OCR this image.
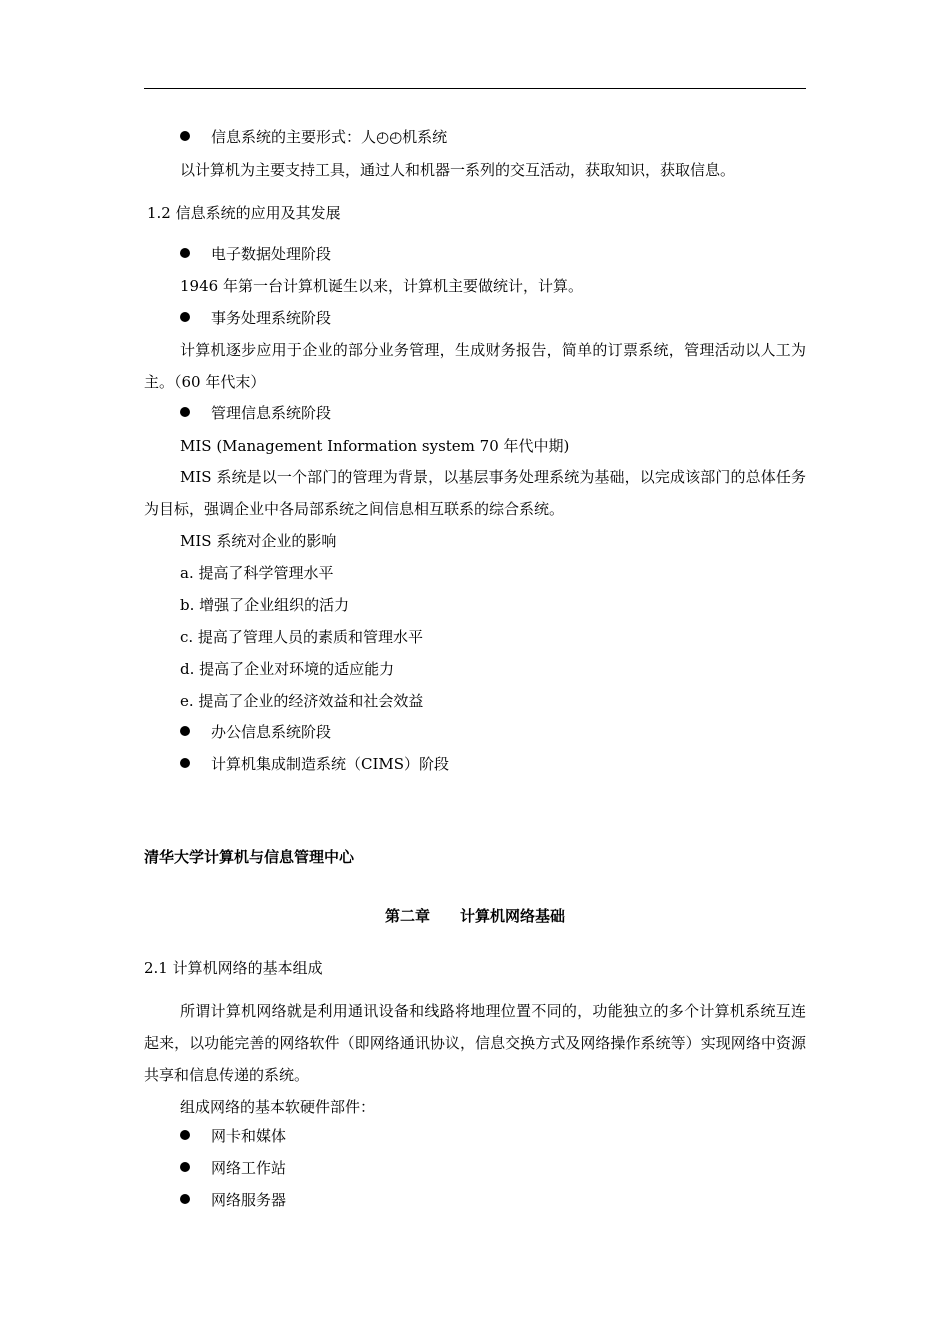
信息系统的主要形式：人◴◴机系统
以计算机为主要支持工具，通过人和机器一系列的交互活动，获取知识，获取信息。
1.2 信息系统的应用及其发展
电子数据处理阶段
1946 年第一台计算机诞生以来，计算机主要做统计，计算。
事务处理系统阶段
计算机逐步应用于企业的部分业务管理，生成财务报告，简单的订票系统，管理活动以人工为主。（60 年代末）
管理信息系统阶段
MIS (Management Information system 70 年代中期)
MIS 系统是以一个部门的管理为背景，以基层事务处理系统为基础，以完成该部门的总体任务为目标，强调企业中各局部系统之间信息相互联系的综合系统。
MIS 系统对企业的影响
a. 提高了科学管理水平
b. 增强了企业组织的活力
c. 提高了管理人员的素质和管理水平
d. 提高了企业对环境的适应能力
e. 提高了企业的经济效益和社会效益
办公信息系统阶段
计算机集成制造系统（CIMS）阶段
清华大学计算机与信息管理中心
第二章　　计算机网络基础
2.1 计算机网络的基本组成
所谓计算机网络就是利用通讯设备和线路将地理位置不同的，功能独立的多个计算机系统互连起来，以功能完善的网络软件（即网络通讯协议，信息交换方式及网络操作系统等）实现网络中资源共享和信息传递的系统。
组成网络的基本软硬件部件：
网卡和媒体
网络工作站
网络服务器
